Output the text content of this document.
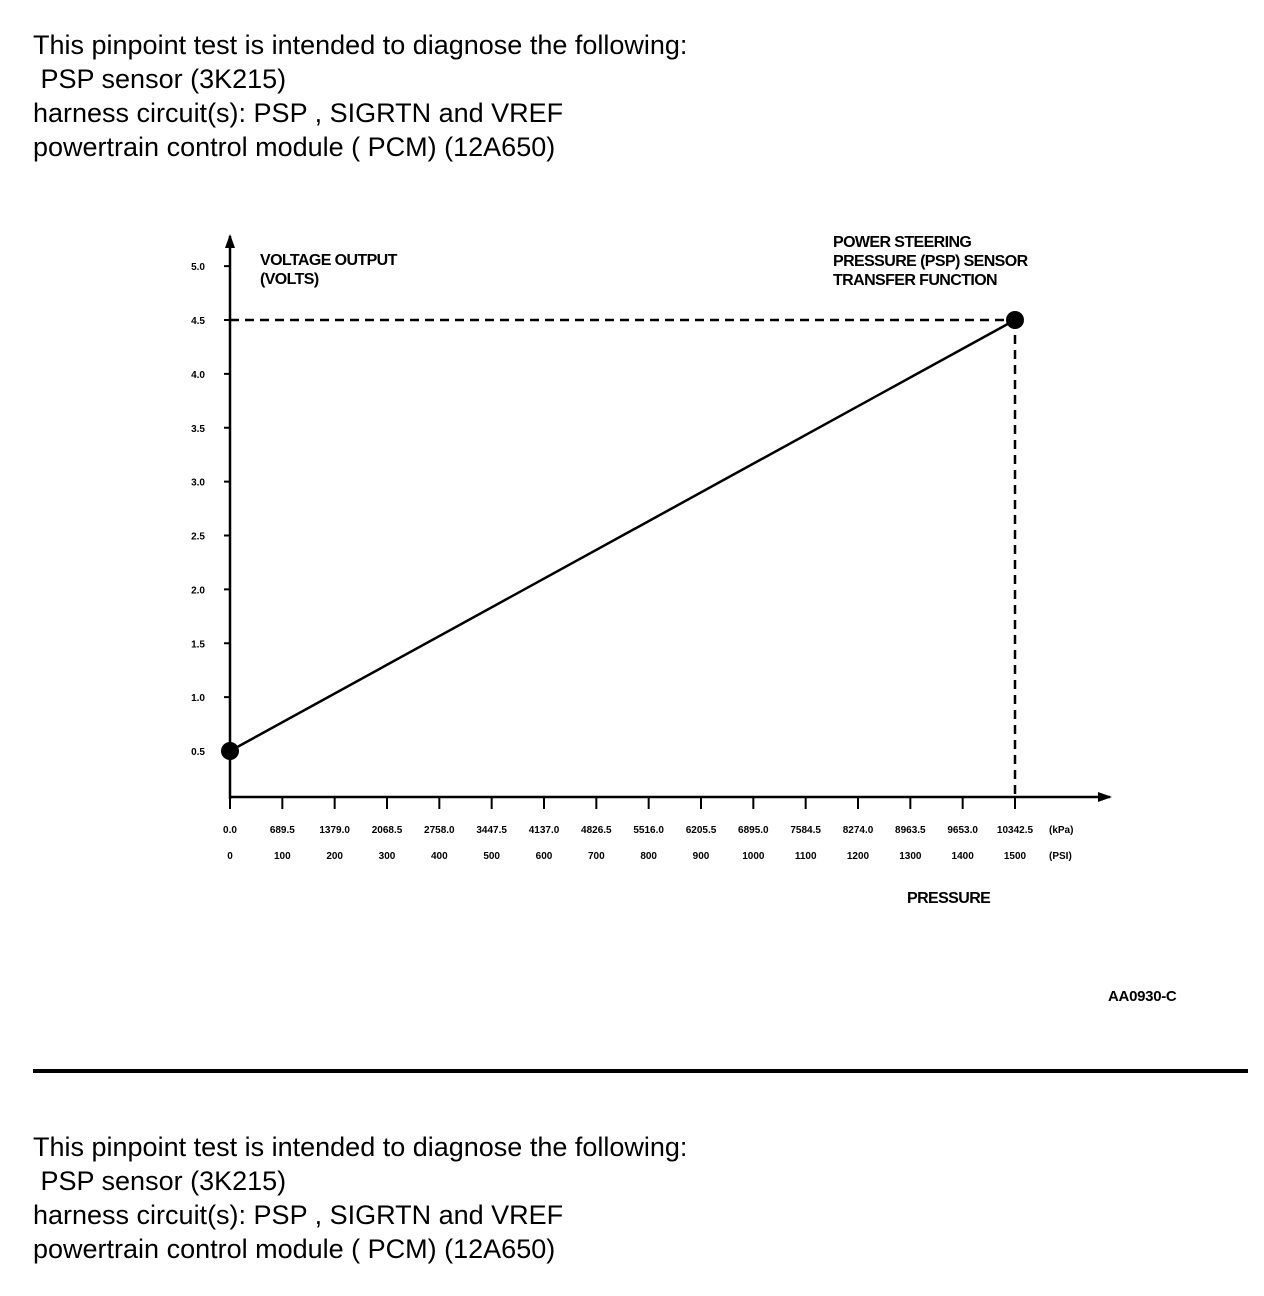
This pinpoint test is intended to diagnose the following:
PSP sensor (3K215)
harness circuit(s): PSP , SIGRTN and VREF
powertrain control module ( PCM) (12A650)
0.5
1.0
1.5
2.0
2.5
3.0
3.5
4.0
4.5
5.0
0.0
0
689.5
100
1379.0
200
2068.5
300
2758.0
400
3447.5
500
4137.0
600
4826.5
700
5516.0
800
6205.5
900
6895.0
1000
7584.5
1100
8274.0
1200
8963.5
1300
9653.0
1400
10342.5
1500
(kPa)
(PSI)
VOLTAGE OUTPUT
(VOLTS)
POWER STEERING
PRESSURE (PSP) SENSOR
TRANSFER FUNCTION
PRESSURE
AA0930-C
This pinpoint test is intended to diagnose the following:
PSP sensor (3K215)
harness circuit(s): PSP , SIGRTN and VREF
powertrain control module ( PCM) (12A650)
